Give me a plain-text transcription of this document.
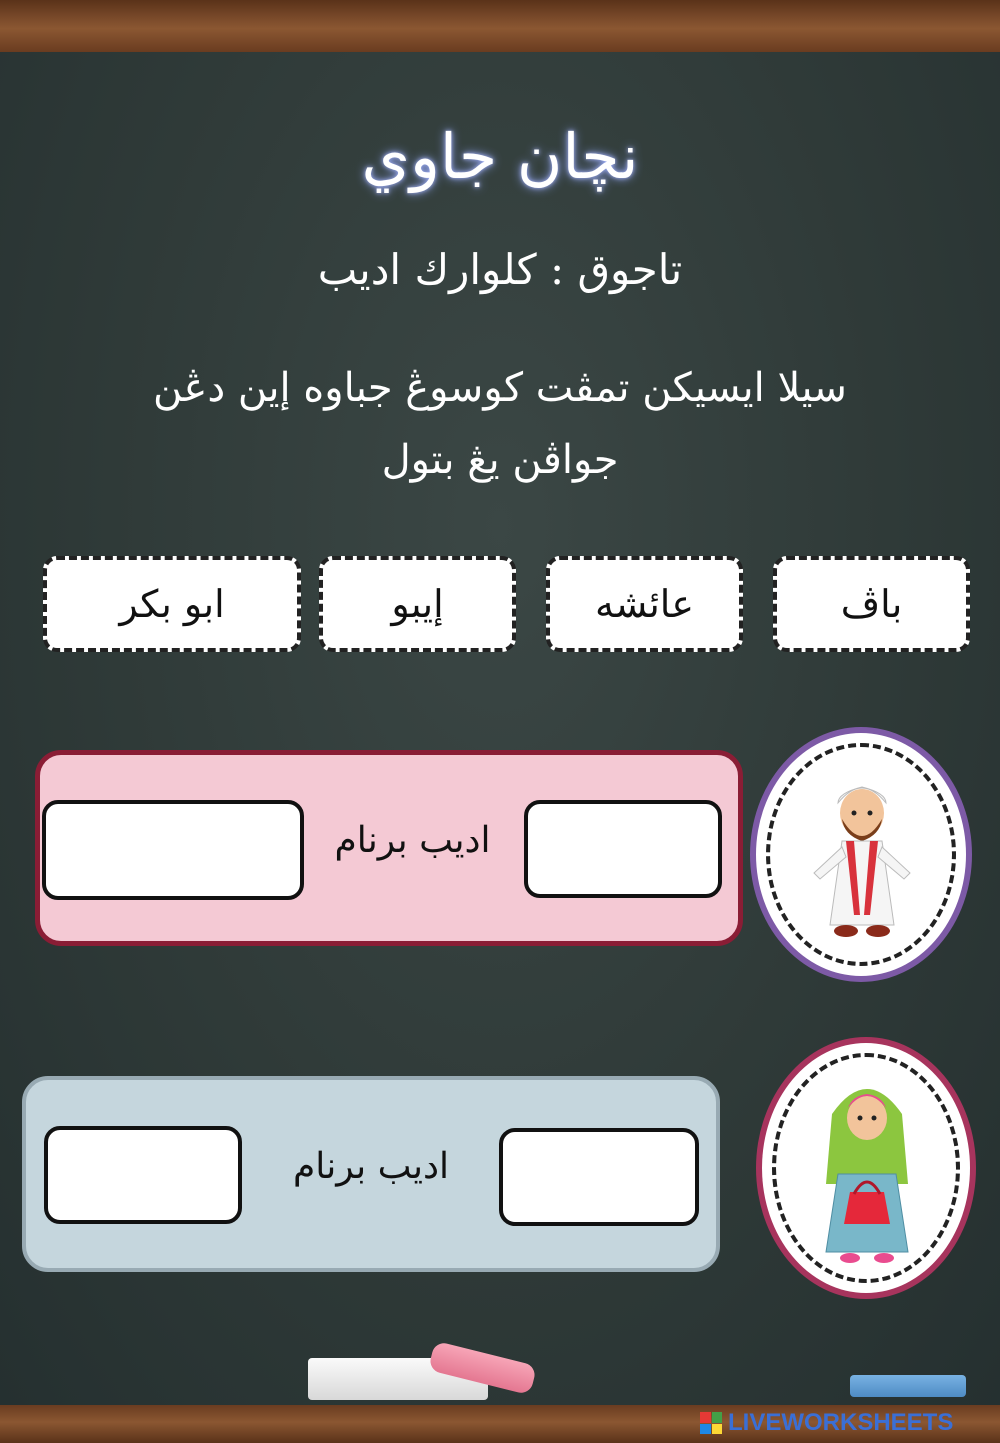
نچان جاوي
تاجوق : كلوارك اديب
سيلا ايسيكن تمڤت كوسوڠ جباوه إين دڠن
جواڤن يڠ بتول
باڤ
عائشه
إيبو
ابو بكر
اديب برنام
اديب برنام
LIVEWORKSHEETS
